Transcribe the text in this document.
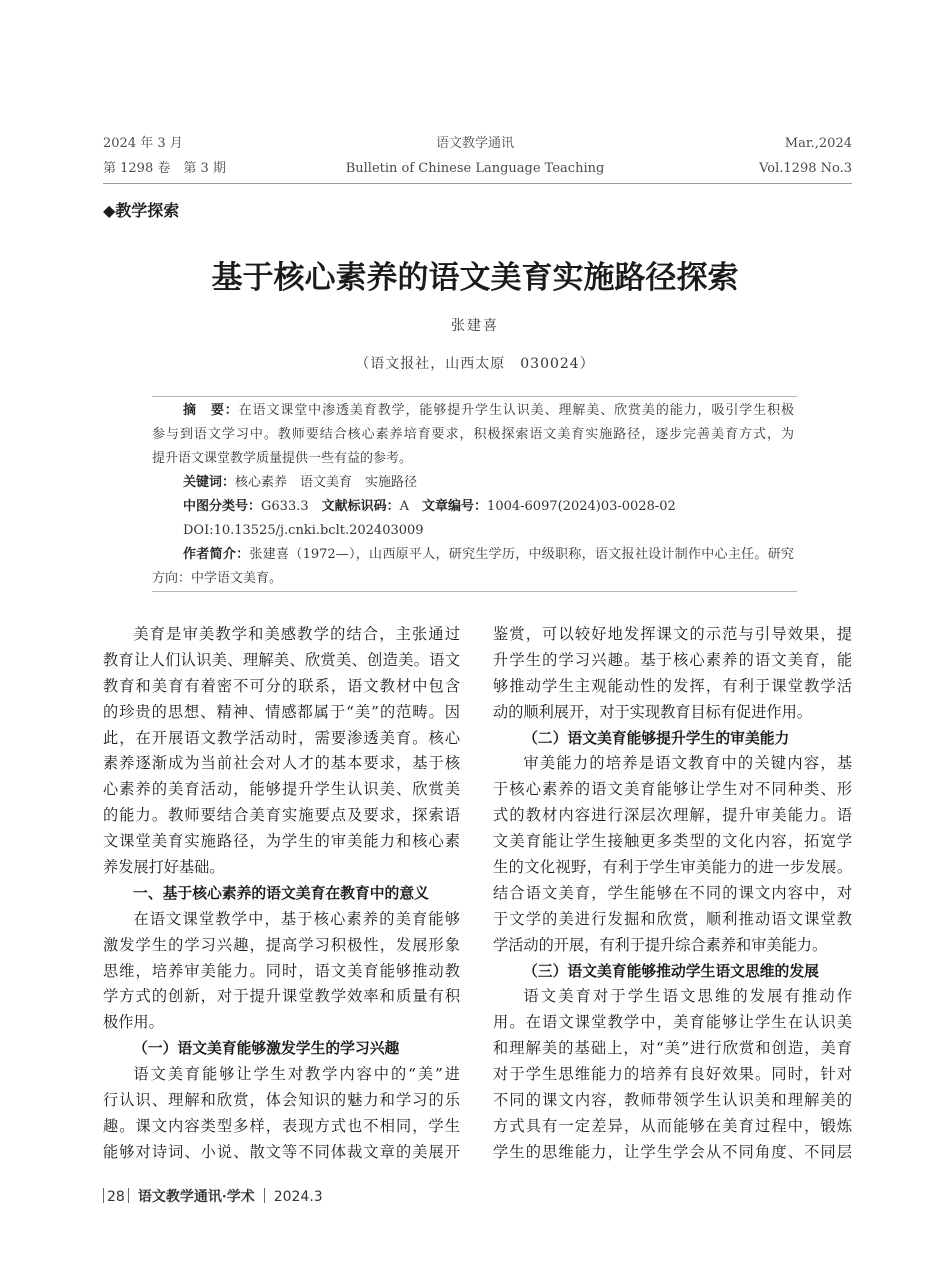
2024 年 3 月
第 1298 卷　第 3 期
语文教学通讯
Bulletin of Chinese Language Teaching
Mar.,2024
Vol.1298 No.3
◆教学探索
基于核心素养的语文美育实施路径探索
张建喜
（语文报社，山西太原　030024）
摘　要：在语文课堂中渗透美育教学，能够提升学生认识美、理解美、欣赏美的能力，吸引学生积极
参与到语文学习中。教师要结合核心素养培育要求，积极探索语文美育实施路径，逐步完善美育方式，为
提升语文课堂教学质量提供一些有益的参考。
关键词：核心素养 语文美育 实施路径
中图分类号：G633.3 文献标识码：A 文章编号：1004-6097(2024)03-0028-02
DOI:10.13525/j.cnki.bclt.202403009
作者简介：张建喜（1972—），山西原平人，研究生学历，中级职称，语文报社设计制作中心主任。研究
方向：中学语文美育。
美育是审美教学和美感教学的结合，主张通过
教育让人们认识美、理解美、欣赏美、创造美。语文
教育和美育有着密不可分的联系，语文教材中包含
的珍贵的思想、精神、情感都属于“美”的范畴。因
此，在开展语文教学活动时，需要渗透美育。核心
素养逐渐成为当前社会对人才的基本要求，基于核
心素养的美育活动，能够提升学生认识美、欣赏美
的能力。教师要结合美育实施要点及要求，探索语
文课堂美育实施路径，为学生的审美能力和核心素
养发展打好基础。
一、基于核心素养的语文美育在教育中的意义
在语文课堂教学中，基于核心素养的美育能够
激发学生的学习兴趣，提高学习积极性，发展形象
思维，培养审美能力。同时，语文美育能够推动教
学方式的创新，对于提升课堂教学效率和质量有积
极作用。
（一）语文美育能够激发学生的学习兴趣
语文美育能够让学生对教学内容中的“美”进
行认识、理解和欣赏，体会知识的魅力和学习的乐
趣。课文内容类型多样，表现方式也不相同，学生
能够对诗词、小说、散文等不同体裁文章的美展开
鉴赏，可以较好地发挥课文的示范与引导效果，提
升学生的学习兴趣。基于核心素养的语文美育，能
够推动学生主观能动性的发挥，有利于课堂教学活
动的顺利展开，对于实现教育目标有促进作用。
（二）语文美育能够提升学生的审美能力
审美能力的培养是语文教育中的关键内容，基
于核心素养的语文美育能够让学生对不同种类、形
式的教材内容进行深层次理解，提升审美能力。语
文美育能让学生接触更多类型的文化内容，拓宽学
生的文化视野，有利于学生审美能力的进一步发展。
结合语文美育，学生能够在不同的课文内容中，对
于文学的美进行发掘和欣赏，顺利推动语文课堂教
学活动的开展，有利于提升综合素养和审美能力。
（三）语文美育能够推动学生语文思维的发展
语文美育对于学生语文思维的发展有推动作
用。在语文课堂教学中，美育能够让学生在认识美
和理解美的基础上，对“美”进行欣赏和创造，美育
对于学生思维能力的培养有良好效果。同时，针对
不同的课文内容，教师带领学生认识美和理解美的
方式具有一定差异，从而能够在美育过程中，锻炼
学生的思维能力，让学生学会从不同角度、不同层
28 语文教学通讯·学术 2024.3
